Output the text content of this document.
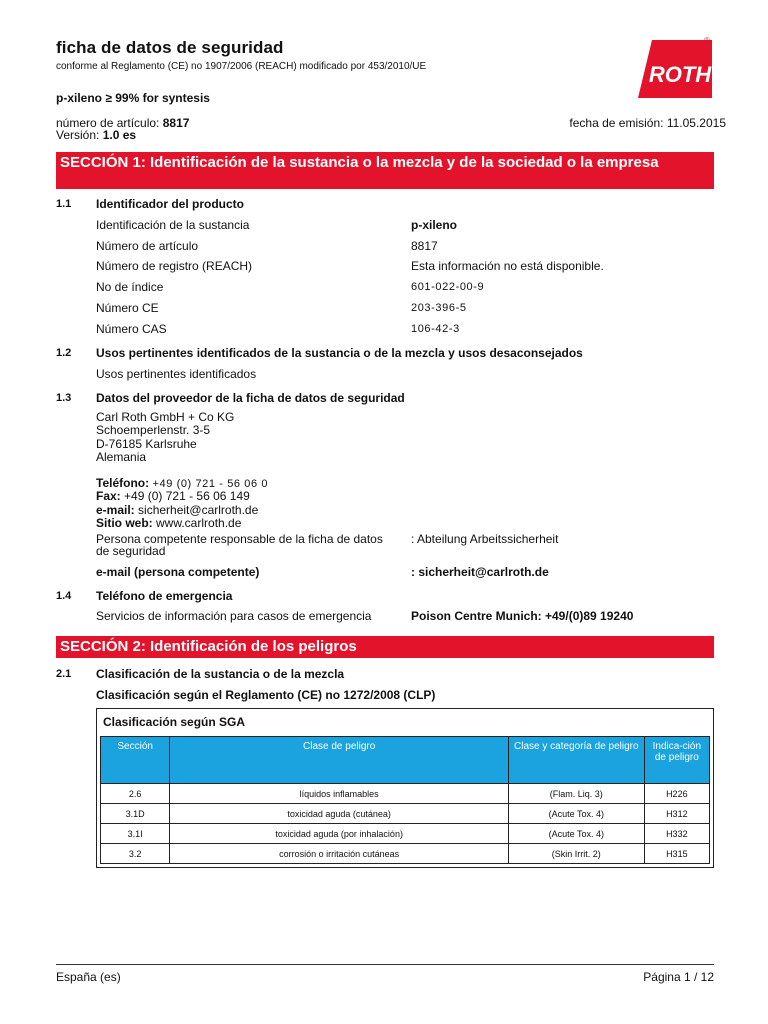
ficha de datos de seguridad
conforme al Reglamento (CE) no 1907/2006 (REACH) modificado por 453/2010/UE	ROTH
®
p-xileno ≥ 99% for syntesis
número de artículo: 8817
Versión: 1.0 es
fecha de emisión: 11.05.2015
SECCIÓN 1: Identificación de la sustancia o la mezcla y de la sociedad o la empresa
1.1 Identificador del producto
Identificación de la sustancia	p-xileno
Número de artículo	8817
Número de registro (REACH)	Esta información no está disponible.
No de índice	601-022-00-9
Número CE	203-396-5
Número CAS	106-42-3
1.2 Usos pertinentes identificados de la sustancia o de la mezcla y usos desaconsejados
Usos pertinentes identificados
1.3 Datos del proveedor de la ficha de datos de seguridad
Carl Roth GmbH + Co KG
Schoemperlenstr. 3-5
D-76185 Karlsruhe
Alemania
Teléfono: +49 (0) 721 - 56 06 0
Fax: +49 (0) 721 - 56 06 149
e-mail: sicherheit@carlroth.de
Sitio web: www.carlroth.de
Persona competente responsable de la ficha de datos
de seguridad
: Abteilung Arbeitssicherheit
e-mail (persona competente)	: sicherheit@carlroth.de
1.4 Teléfono de emergencia
Servicios de información para casos de emergencia	Poison Centre Munich: +49/(0)89 19240
SECCIÓN 2: Identificación de los peligros
2.1 Clasificación de la sustancia o de la mezcla
Clasificación según el Reglamento (CE) no 1272/2008 (CLP)
Clasificación según SGA
Sección	Clase de peligro	Clase y categoría de peligro	Indica-ción de peligro
2.6	líquidos inflamables	(Flam. Liq. 3)	H226
3.1D	toxicidad aguda (cutánea)	(Acute Tox. 4)	H312
3.1I	toxicidad aguda (por inhalación)	(Acute Tox. 4)	H332
3.2	corrosión o irritación cutáneas	(Skin Irrit. 2)	H315
España (es)	Página 1 / 12
